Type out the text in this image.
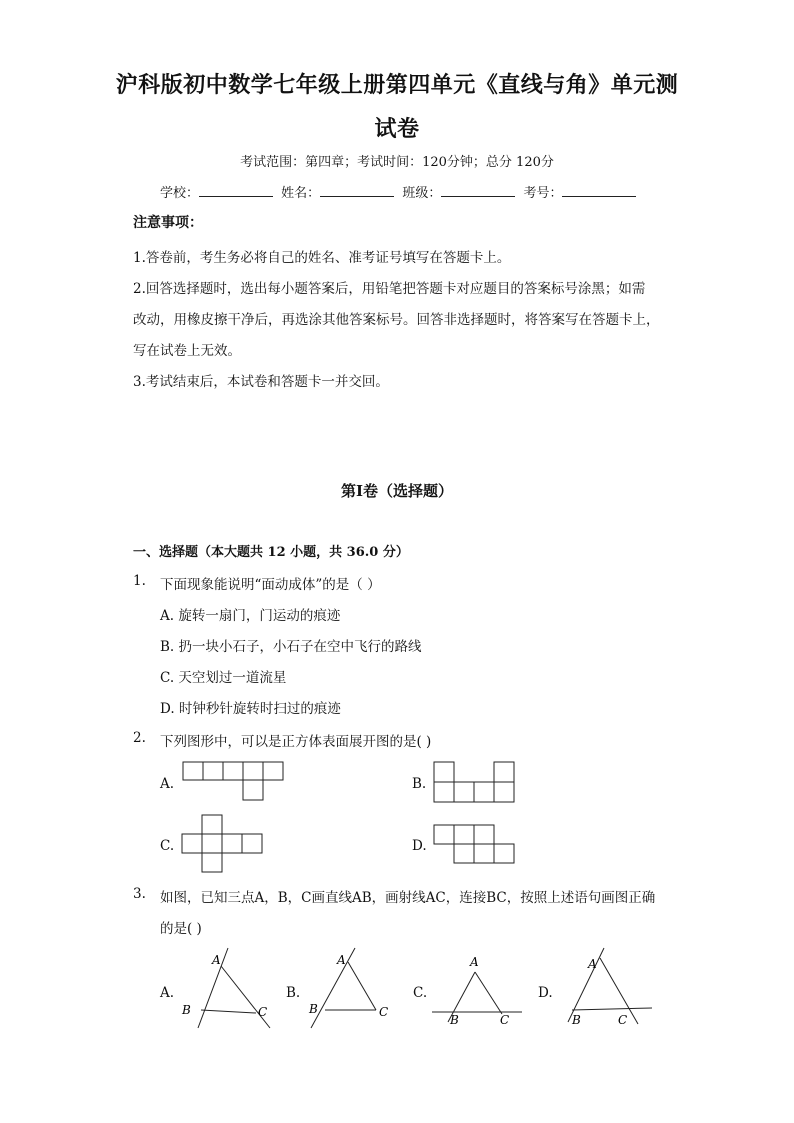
沪科版初中数学七年级上册第四单元《直线与角》单元测
试卷
考试范围：第四章；考试时间：120分钟；总分 120分
学校：	姓名：	班级：	考号：
注意事项：
1.答卷前，考生务必将自己的姓名、准考证号填写在答题卡上。
2.回答选择题时，选出每小题答案后，用铅笔把答题卡对应题目的答案标号涂黑；如需
改动，用橡皮擦干净后，再选涂其他答案标号。回答非选择题时，将答案写在答题卡上，
写在试卷上无效。
3.考试结束后，本试卷和答题卡一并交回。
第Ⅰ卷（选择题）
一、选择题（本大题共 12 小题，共 36.0 分）
1. 下面现象能说明“面动成体”的是（ ）
A. 旋转一扇门，门运动的痕迹
B. 扔一块小石子，小石子在空中飞行的路线
C. 天空划过一道流星
D. 时钟秒针旋转时扫过的痕迹
2. 下列图形中，可以是正方体表面展开图的是( )
A.	B.
C.	D.
3. 如图，已知三点A，B，C画直线AB，画射线AC，连接BC，按照上述语句画图正确
的是( )
A.
A
B	C
B.
A
B	C
C.
A
B	C
D.
A
B	C
